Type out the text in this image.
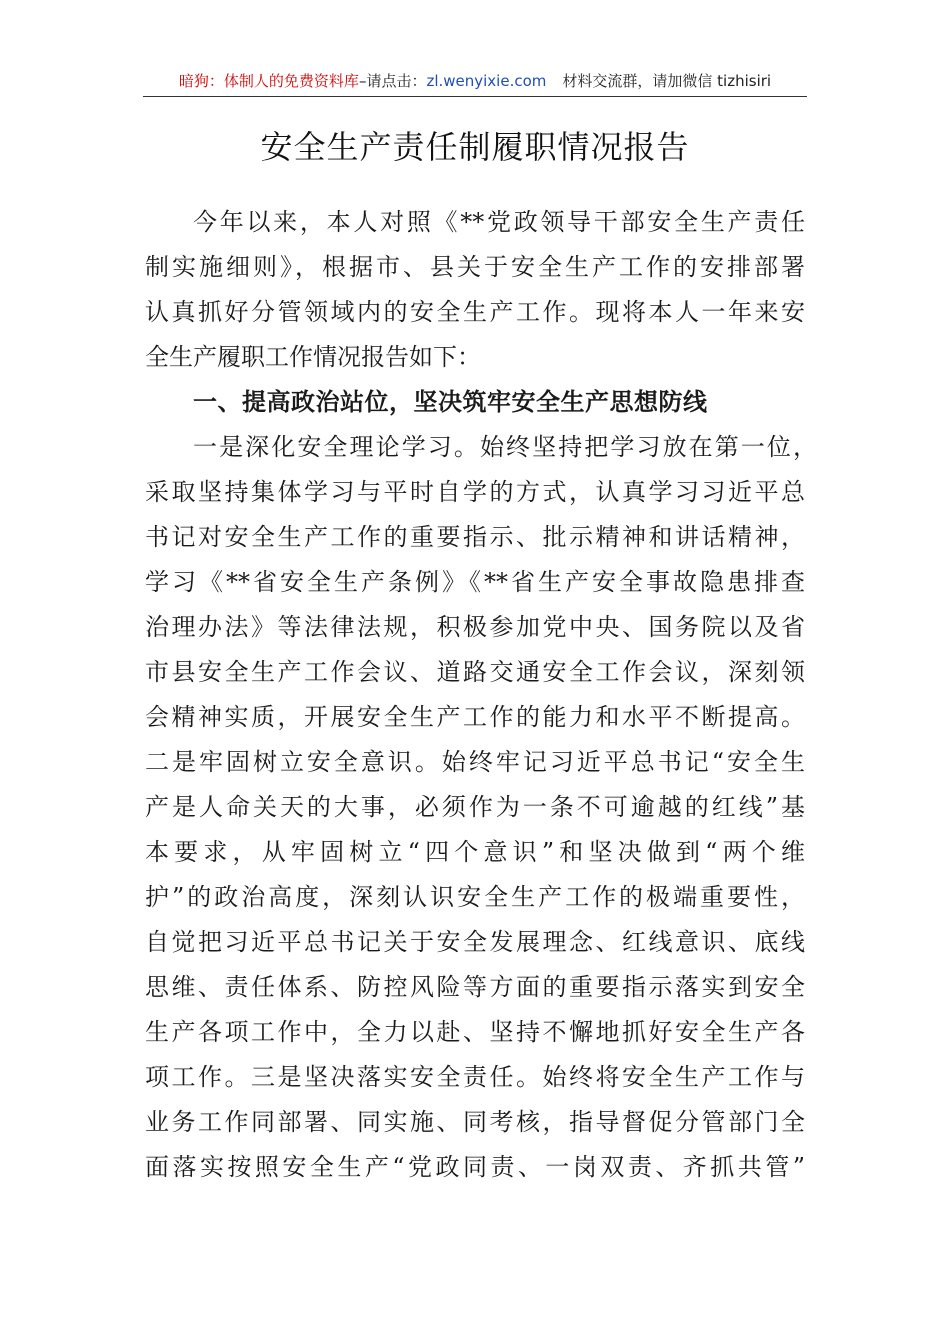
暗狗：体制人的免费资料库–请点击：zl.wenyixie.com 材料交流群，请加微信 tizhisiri
安全生产责任制履职情况报告
今年以来，本人对照《**党政领导干部安全生产责任
制实施细则》，根据市、县关于安全生产工作的安排部署
认真抓好分管领域内的安全生产工作。现将本人一年来安
全生产履职工作情况报告如下：
一、提高政治站位，坚决筑牢安全生产思想防线
一是深化安全理论学习。始终坚持把学习放在第一位，
采取坚持集体学习与平时自学的方式，认真学习习近平总
书记对安全生产工作的重要指示、批示精神和讲话精神，
学习《**省安全生产条例》《**省生产安全事故隐患排查
治理办法》等法律法规，积极参加党中央、国务院以及省
市县安全生产工作会议、道路交通安全工作会议，深刻领
会精神实质，开展安全生产工作的能力和水平不断提高。
二是牢固树立安全意识。始终牢记习近平总书记“安全生
产是人命关天的大事，必须作为一条不可逾越的红线”基
本要求，从牢固树立“四个意识”和坚决做到“两个维
护”的政治高度，深刻认识安全生产工作的极端重要性，
自觉把习近平总书记关于安全发展理念、红线意识、底线
思维、责任体系、防控风险等方面的重要指示落实到安全
生产各项工作中，全力以赴、坚持不懈地抓好安全生产各
项工作。三是坚决落实安全责任。始终将安全生产工作与
业务工作同部署、同实施、同考核，指导督促分管部门全
面落实按照安全生产“党政同责、一岗双责、齐抓共管”
